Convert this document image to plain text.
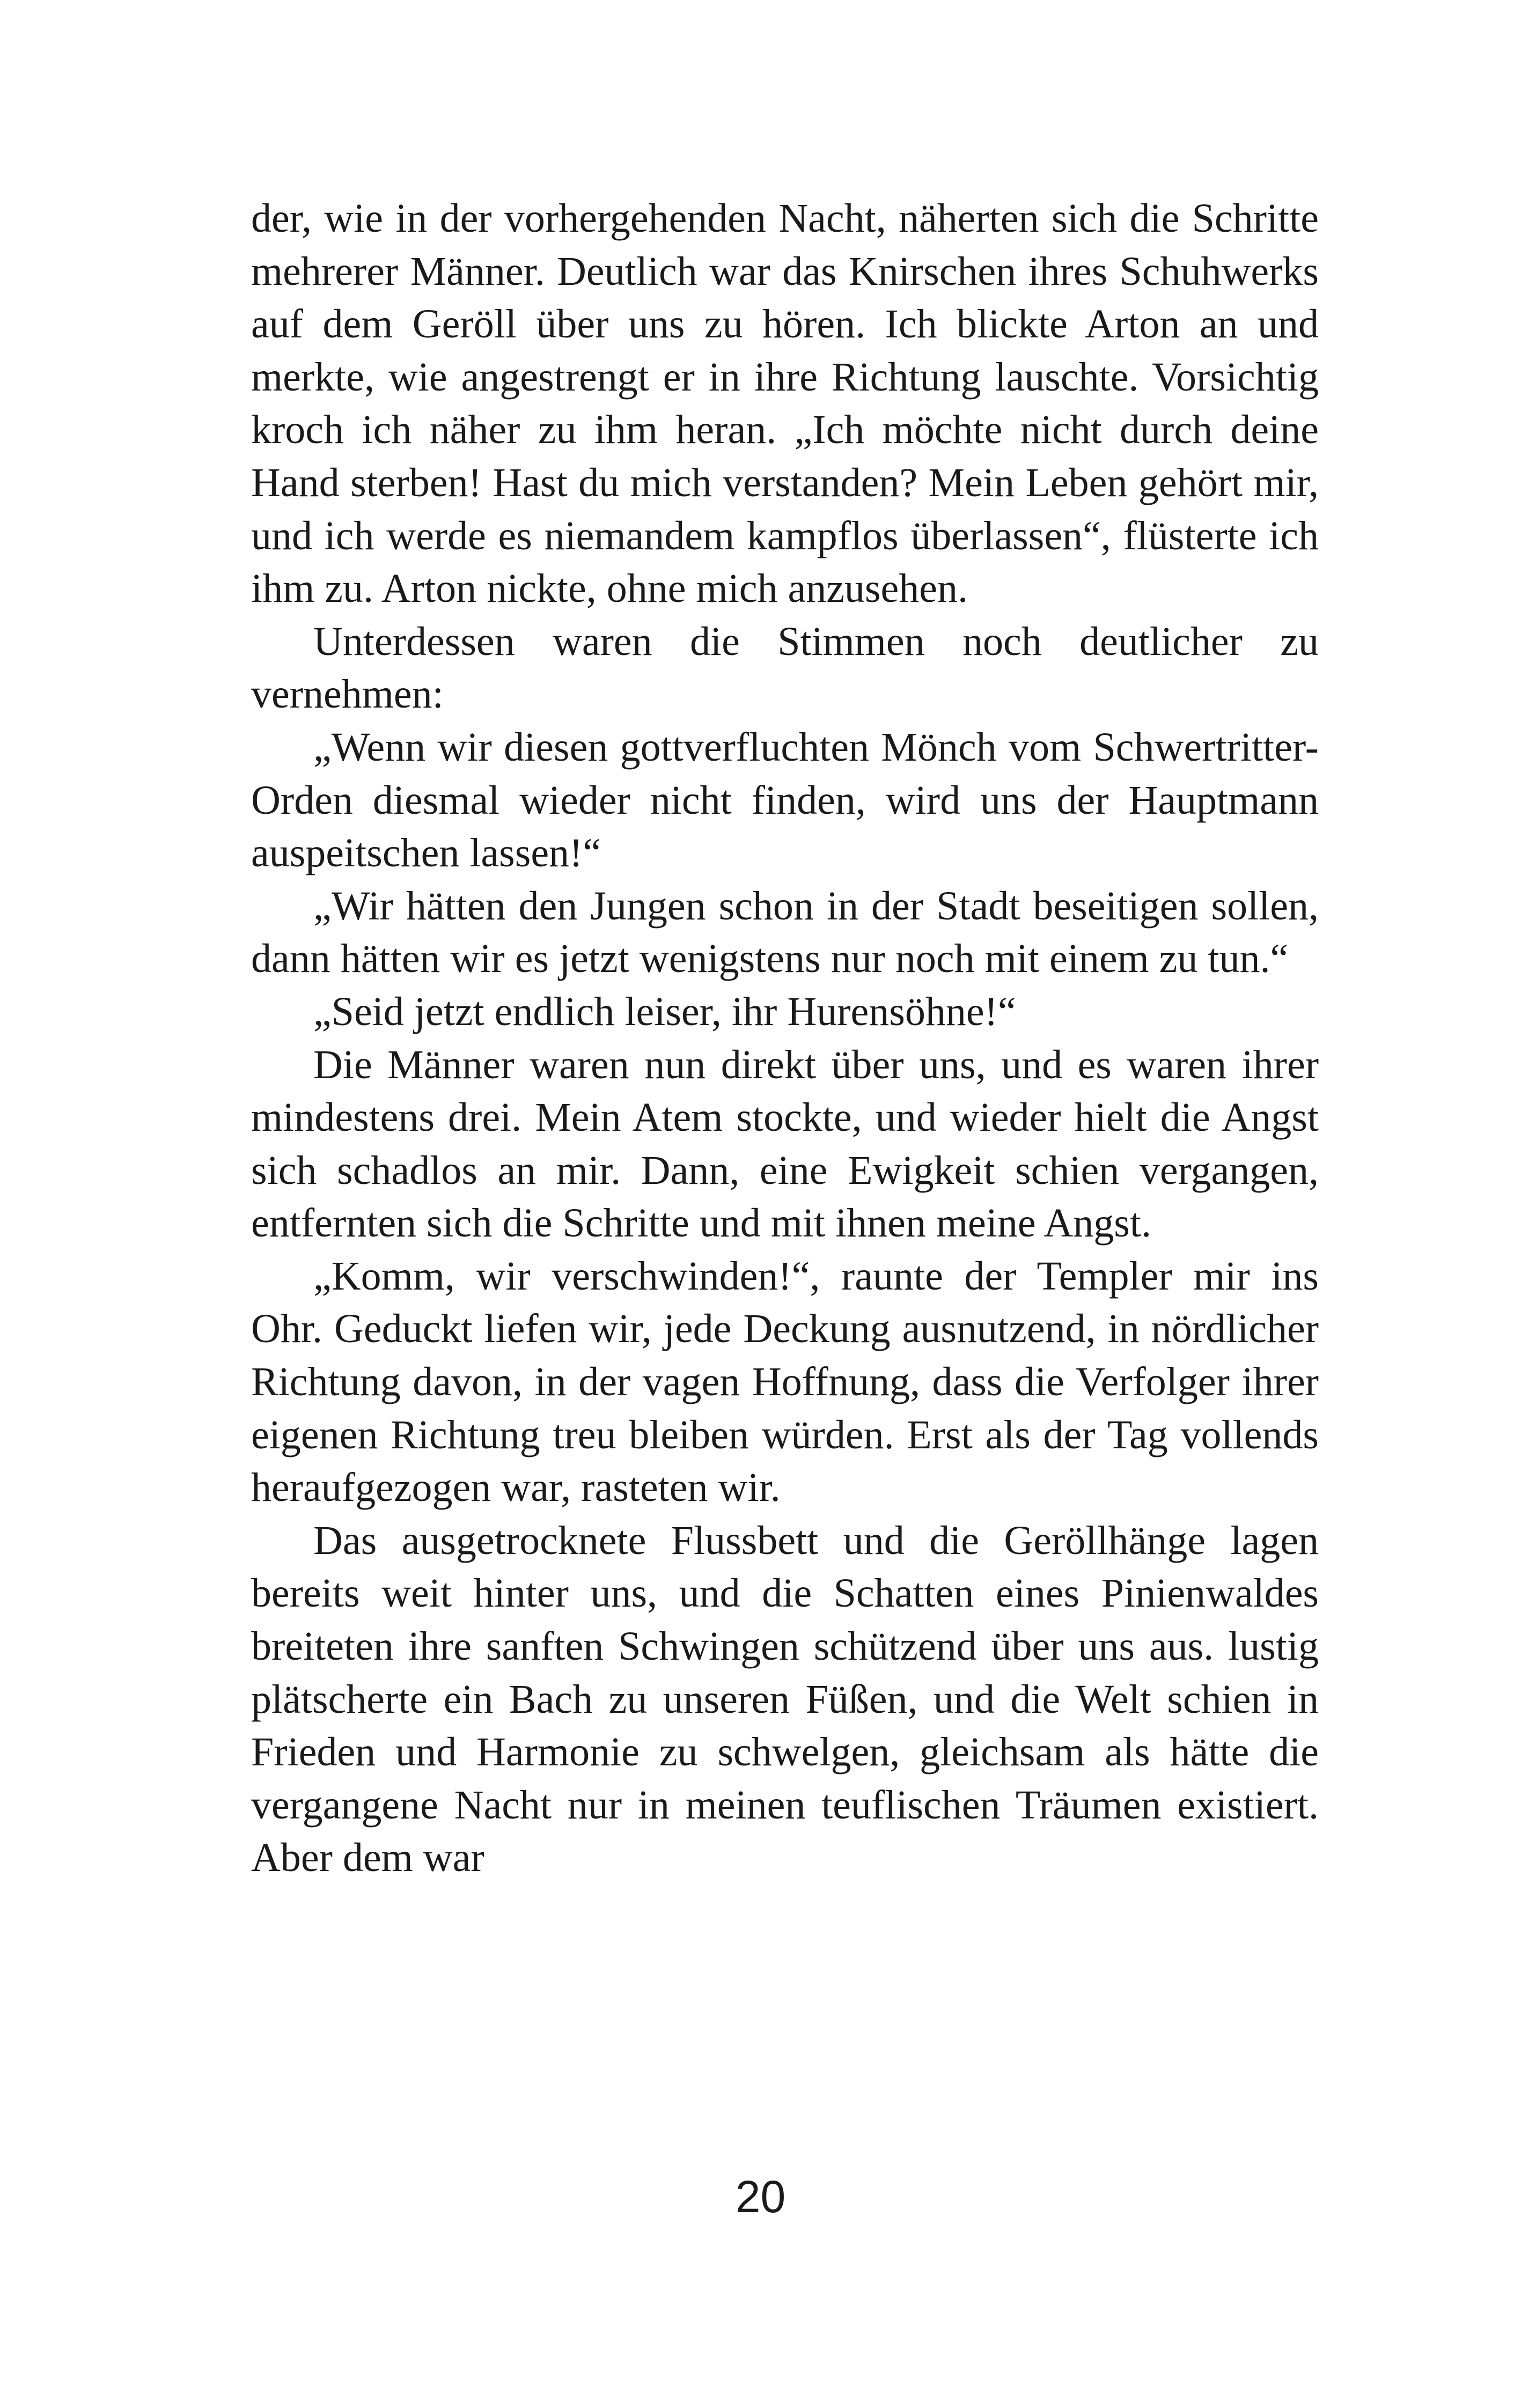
der, wie in der vorhergehenden Nacht, näherten sich die Schritte mehrerer Männer. Deutlich war das Knirschen ihres Schuhwerks auf dem Geröll über uns zu hören. Ich blickte Arton an und merkte, wie angestrengt er in ihre Richtung lauschte. Vorsichtig kroch ich näher zu ihm heran. „Ich möchte nicht durch deine Hand sterben! Hast du mich verstanden? Mein Leben gehört mir, und ich werde es niemandem kampflos überlassen“, flüsterte ich ihm zu. Arton nickte, ohne mich anzusehen.

Unterdessen waren die Stimmen noch deutlicher zu vernehmen:

„Wenn wir diesen gottverfluchten Mönch vom Schwertritter-Orden diesmal wieder nicht finden, wird uns der Hauptmann auspeitschen lassen!“

„Wir hätten den Jungen schon in der Stadt beseitigen sollen, dann hätten wir es jetzt wenigstens nur noch mit einem zu tun.“

„Seid jetzt endlich leiser, ihr Hurensöhne!“

Die Männer waren nun direkt über uns, und es waren ihrer mindestens drei. Mein Atem stockte, und wieder hielt die Angst sich schadlos an mir. Dann, eine Ewigkeit schien vergangen, entfernten sich die Schritte und mit ihnen meine Angst.

„Komm, wir verschwinden!“, raunte der Templer mir ins Ohr. Geduckt liefen wir, jede Deckung ausnutzend, in nördlicher Richtung davon, in der vagen Hoffnung, dass die Verfolger ihrer eigenen Richtung treu bleiben würden. Erst als der Tag vollends heraufgezogen war, rasteten wir.

Das ausgetrocknete Flussbett und die Geröllhänge lagen bereits weit hinter uns, und die Schatten eines Pinienwaldes breiteten ihre sanften Schwingen schützend über uns aus. lustig plätscherte ein Bach zu unseren Füßen, und die Welt schien in Frieden und Harmonie zu schwelgen, gleichsam als hätte die vergangene Nacht nur in meinen teuflischen Träumen existiert. Aber dem war

20
